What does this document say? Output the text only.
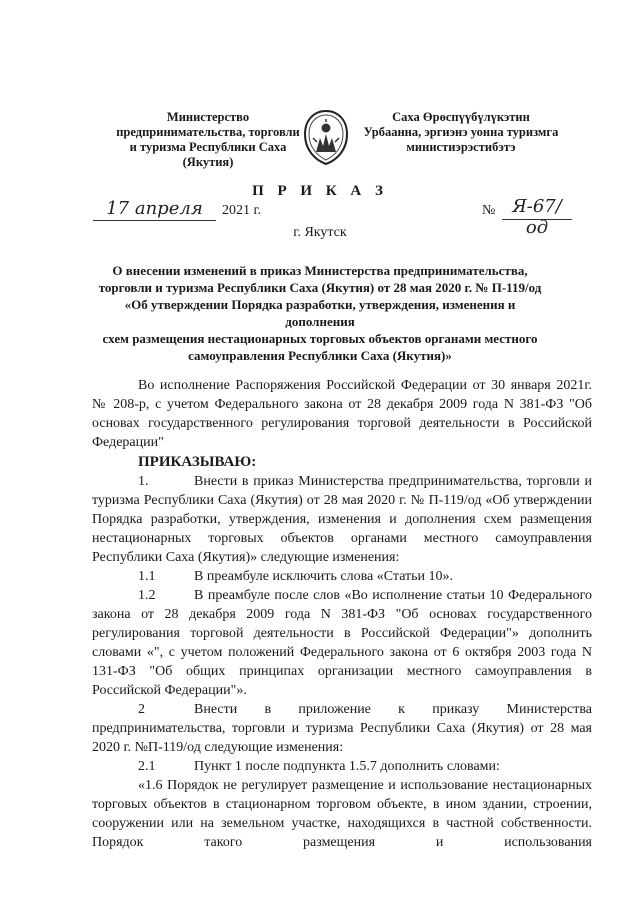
Министерство
предпринимательства, торговли
и туризма Республики Саха
(Якутия)
Саха Өрөспүүбүлүкэтин
Урбаанна, эргиэнэ уонна туризмга
министиэрэстибэтэ
П Р И К А З
17 апреля	2021 г.	№ Я-67/од
г. Якутск
О внесении изменений в приказ Министерства предпринимательства,
торговли и туризма Республики Саха (Якутия) от 28 мая 2020 г. № П-119/од
«Об утверждении Порядка разработки, утверждения, изменения и дополнения
схем размещения нестационарных торговых объектов органами местного
самоуправления Республики Саха (Якутия)»

Во исполнение Распоряжения Российской Федерации от 30 января 2021г. № 208-р, с учетом Федерального закона от 28 декабря 2009 года N 381-ФЗ "Об основах государственного регулирования торговой деятельности в Российской Федерации"

ПРИКАЗЫВАЮ:

1.	Внести в приказ Министерства предпринимательства, торговли и туризма Республики Саха (Якутия) от 28 мая 2020 г. № П-119/од «Об утверждении Порядка разработки, утверждения, изменения и дополнения схем размещения нестационарных торговых объектов органами местного самоуправления Республики Саха (Якутия)» следующие изменения:

1.1	В преамбуле исключить слова «Статьи 10».

1.2	В преамбуле после слов «Во исполнение статьи 10 Федерального закона от 28 декабря 2009 года N 381-ФЗ "Об основах государственного регулирования торговой деятельности в Российской Федерации"» дополнить словами «", с учетом положений Федерального закона от 6 октября 2003 года N 131-ФЗ "Об общих принципах организации местного самоуправления в Российской Федерации"».

2	Внести в приложение к приказу Министерства предпринимательства, торговли и туризма Республики Саха (Якутия) от 28 мая 2020 г. №П-119/од следующие изменения:

2.1	Пункт 1 после подпункта 1.5.7 дополнить словами:

«1.6 Порядок не регулирует размещение и использование нестационарных торговых объектов в стационарном торговом объекте, в ином здании, строении, сооружении или на земельном участке, находящихся в частной собственности. Порядок такого размещения и использования
